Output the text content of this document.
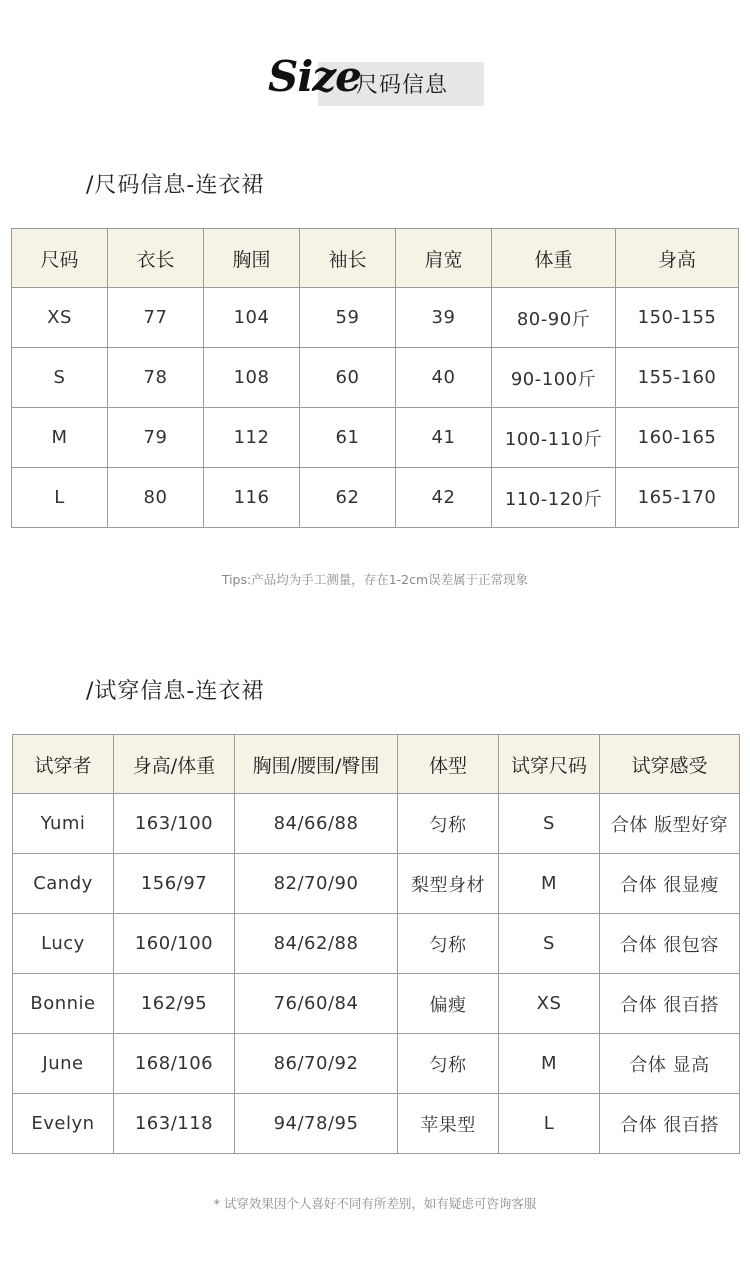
Size
尺码信息
/尺码信息-连衣裙
尺码	衣长	胸围	袖长	肩宽	体重	身高
XS	77	104	59	39	80-90斤	150-155
S	78	108	60	40	90-100斤	155-160
M	79	112	61	41	100-110斤	160-165
L	80	116	62	42	110-120斤	165-170
Tips:产品均为手工测量，存在1-2cm误差属于正常现象
/试穿信息-连衣裙
试穿者	身高/体重	胸围/腰围/臀围	体型	试穿尺码	试穿感受
Yumi	163/100	84/66/88	匀称	S	合体 版型好穿
Candy	156/97	82/70/90	梨型身材	M	合体 很显瘦
Lucy	160/100	84/62/88	匀称	S	合体 很包容
Bonnie	162/95	76/60/84	偏瘦	XS	合体 很百搭
June	168/106	86/70/92	匀称	M	合体 显高
Evelyn	163/118	94/78/95	苹果型	L	合体 很百搭
* 试穿效果因个人喜好不同有所差别，如有疑虑可咨询客服
